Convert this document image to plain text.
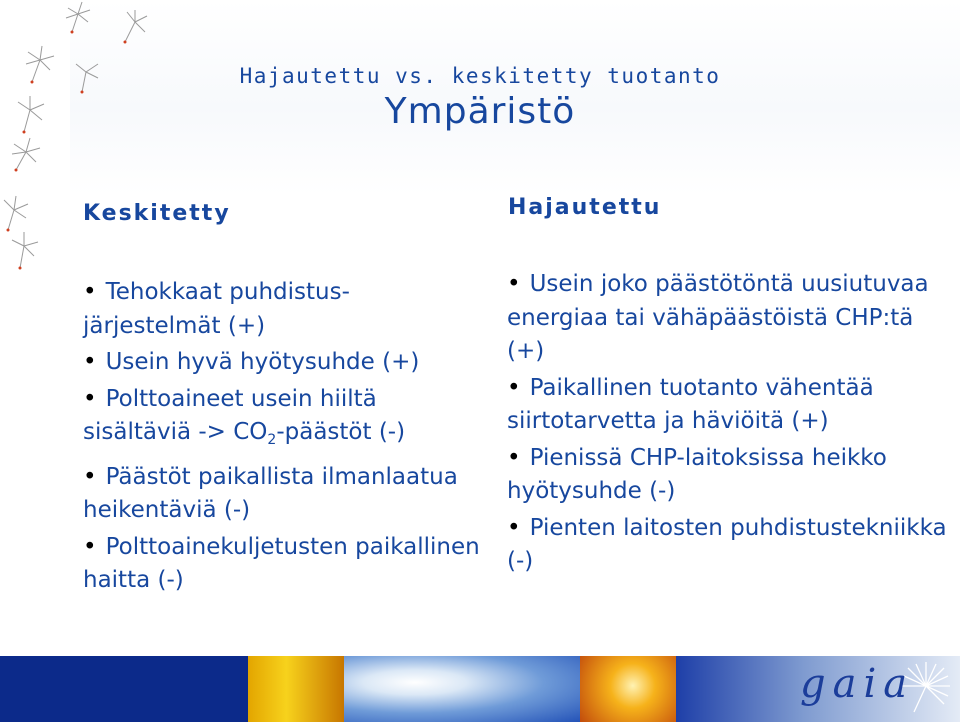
Hajautettu vs. keskitetty tuotanto
Ympäristö
Keskitetty
• Tehokkaat puhdistus- järjestelmät (+)
• Usein hyvä hyötysuhde (+)
• Polttoaineet usein hiiltä sisältäviä -> $CO_2$-päästöt (-)
• Päästöt paikallista ilmanlaatua heikentäviä (-)
• Polttoainekuljetusten paikallinen haitta (-)
Hajautettu
• Usein joko päästötöntä uusiutuvaa energiaa tai vähäpäästöistä CHP:tä (+)
• Paikallinen tuotanto vähentää siirtotarvetta ja häviöitä (+)
• Pienissä CHP-laitoksissa heikko hyötysuhde (-)
• Pienten laitosten puhdistustekniikka (-)
gaia
